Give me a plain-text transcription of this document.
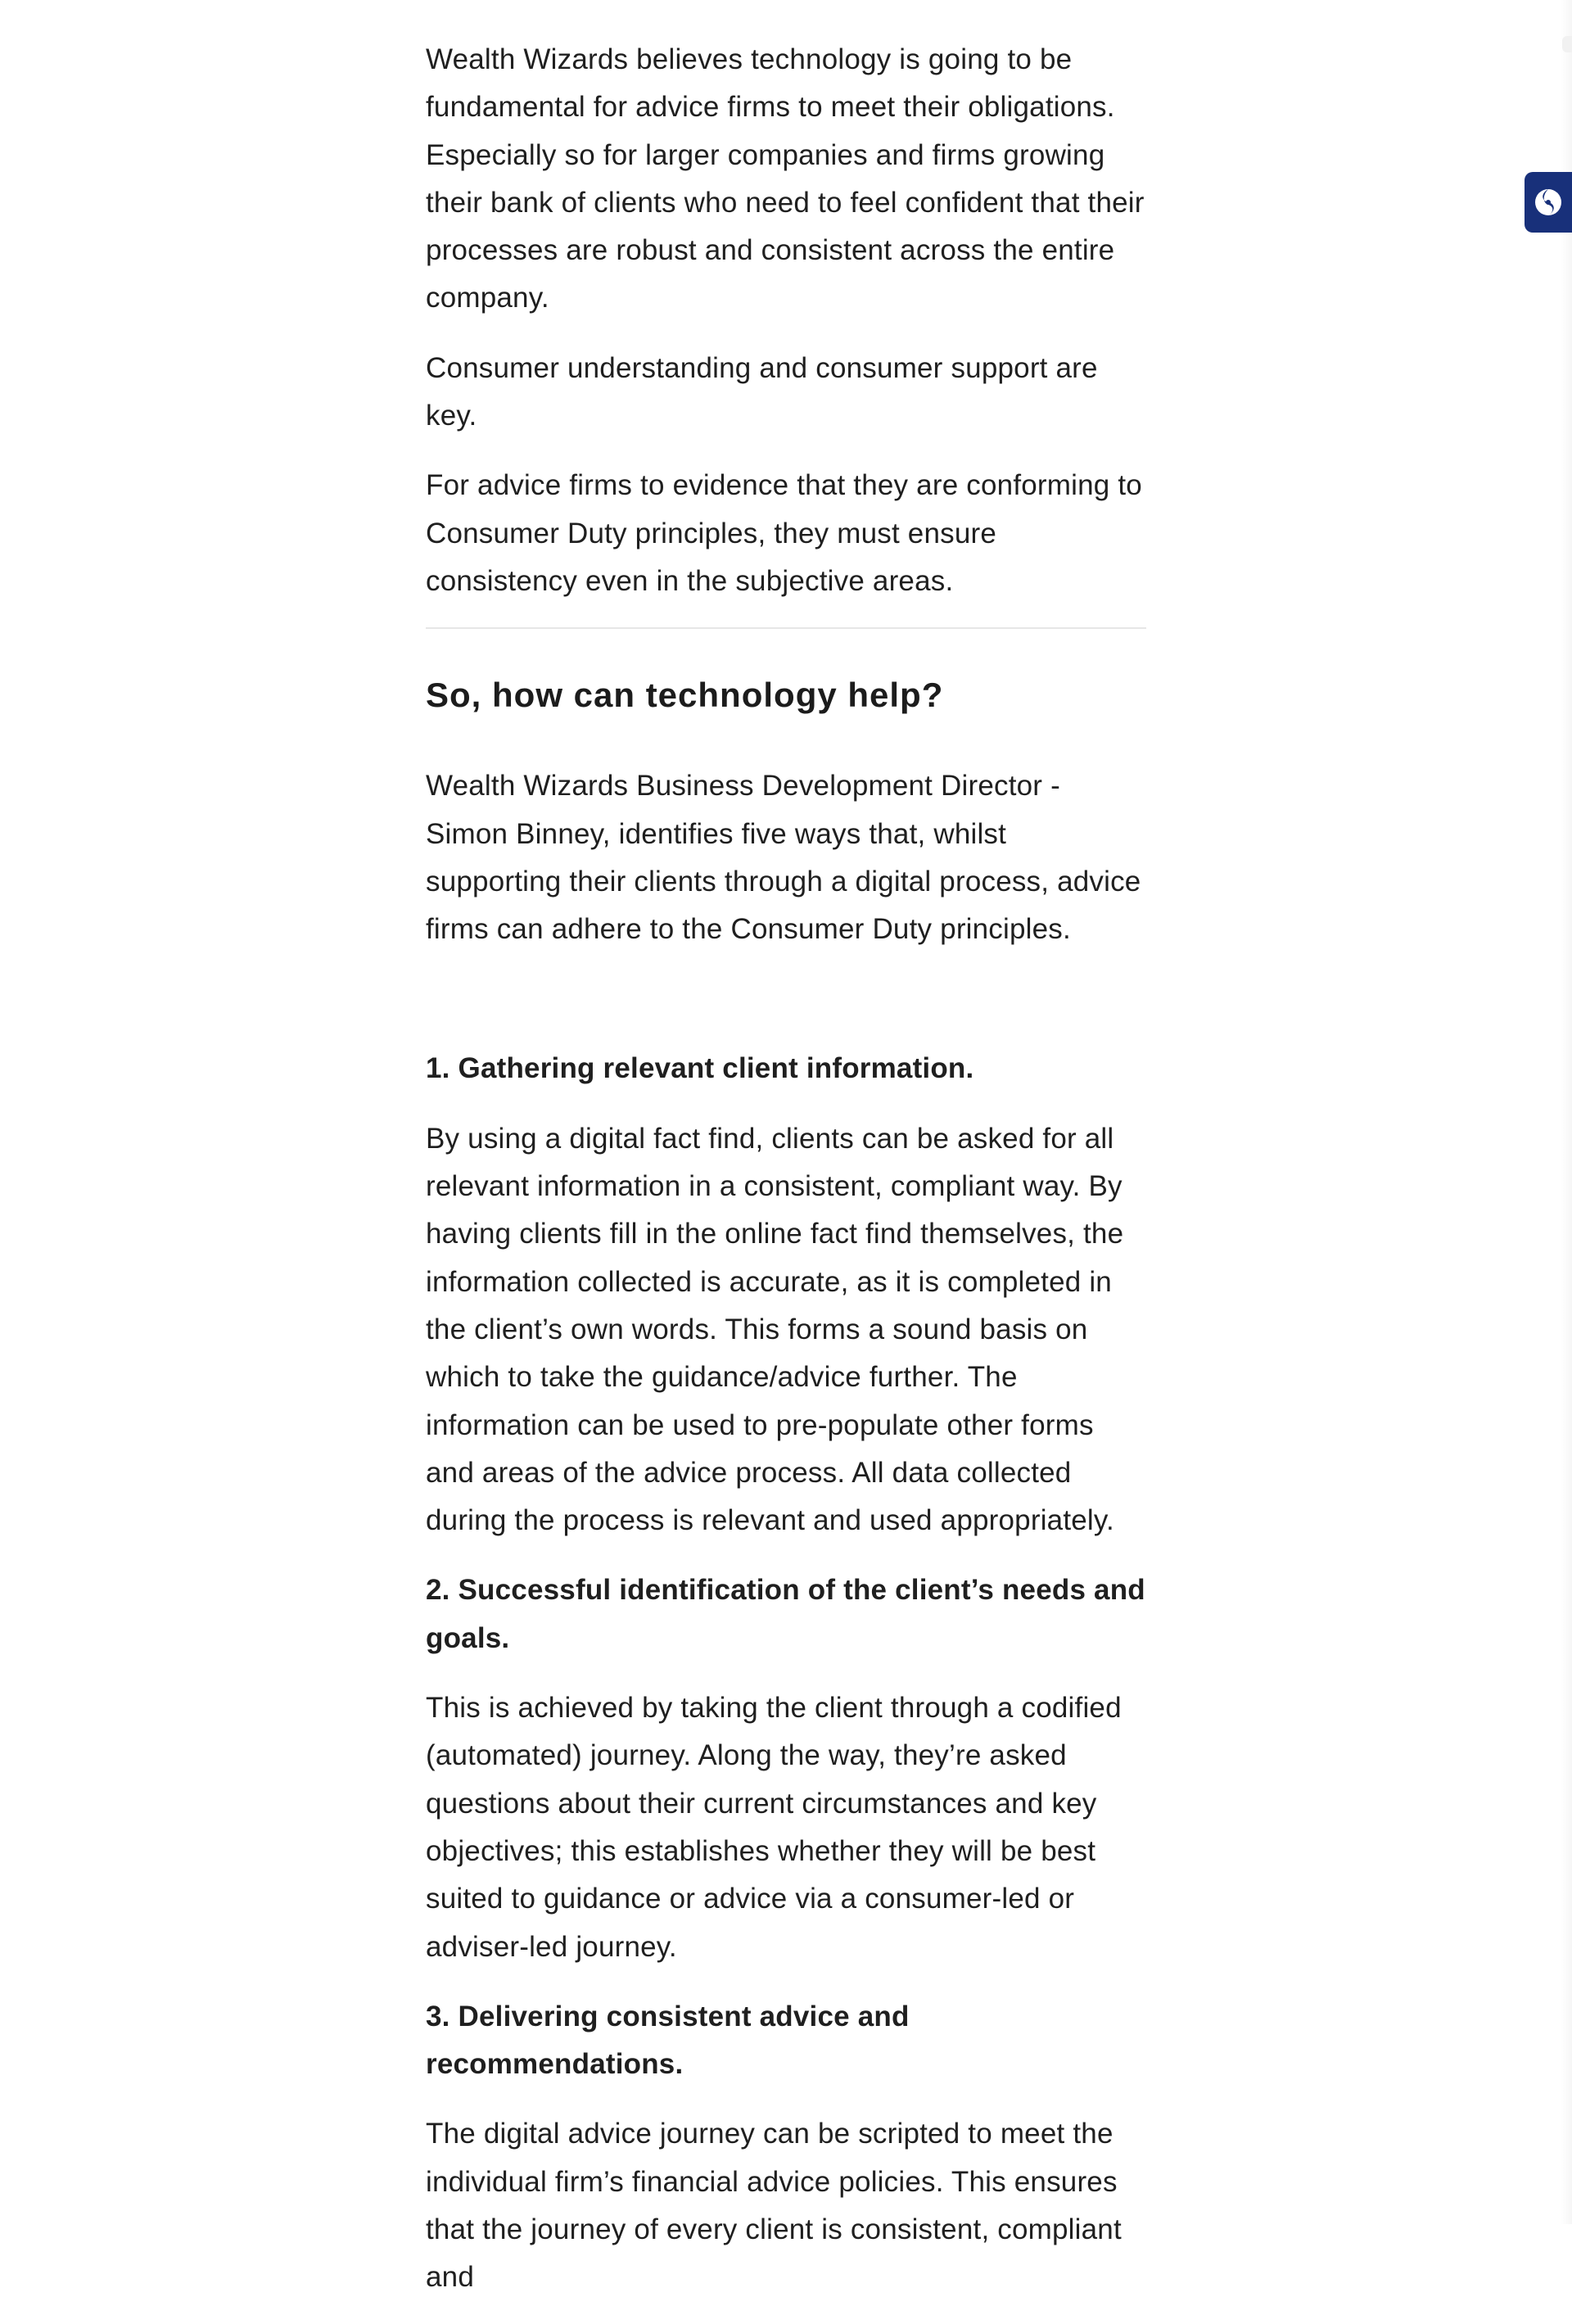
Wealth Wizards believes technology is going to be fundamental for advice firms to meet their obligations. Especially so for larger companies and firms growing their bank of clients who need to feel confident that their processes are robust and consistent across the entire company.

Consumer understanding and consumer support are key.

For advice firms to evidence that they are conforming to Consumer Duty principles, they must ensure consistency even in the subjective areas.

So, how can technology help?

Wealth Wizards Business Development Director - Simon Binney, identifies five ways that, whilst supporting their clients through a digital process, advice firms can adhere to the Consumer Duty principles.

1. Gathering relevant client information.

By using a digital fact find, clients can be asked for all relevant information in a consistent, compliant way. By having clients fill in the online fact find themselves, the information collected is accurate, as it is completed in the client’s own words. This forms a sound basis on which to take the guidance/advice further. The information can be used to pre-populate other forms and areas of the advice process. All data collected during the process is relevant and used appropriately.

2. Successful identification of the client’s needs and goals.

This is achieved by taking the client through a codified (automated) journey. Along the way, they’re asked questions about their current circumstances and key objectives; this establishes whether they will be best suited to guidance or advice via a consumer-led or adviser-led journey.

3. Delivering consistent advice and recommendations.

The digital advice journey can be scripted to meet the individual firm’s financial advice policies. This ensures that the journey of every client is consistent, compliant and
